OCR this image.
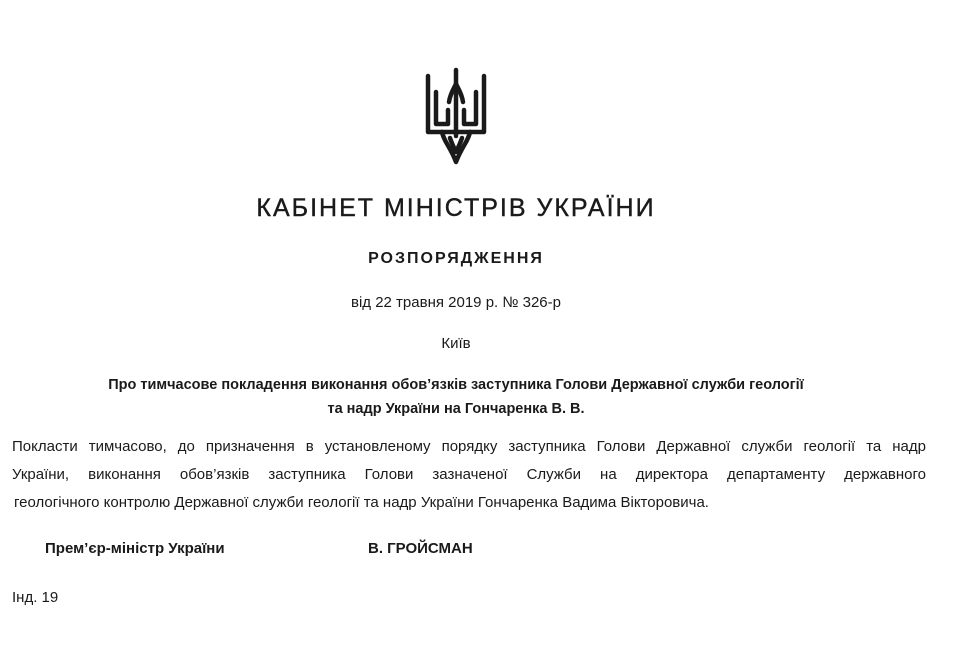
КАБІНЕТ МІНІСТРІВ УКРАЇНИ
РОЗПОРЯДЖЕННЯ
від 22 травня 2019 р. № 326-р
Київ
Про тимчасове покладення виконання обов’язків заступника Голови Державної служби геології
та надр України на Гончаренка В. В.
Покласти тимчасово, до призначення в установленому порядку заступника Голови Державної служби геології та надр
України, виконання обов’язків заступника Голови зазначеної Служби на директора департаменту державного
геологічного контролю Державної служби геології та надр України Гончаренка Вадима Вікторовича.
Прем’єр-міністр України	В. ГРОЙСМАН
Інд. 19
